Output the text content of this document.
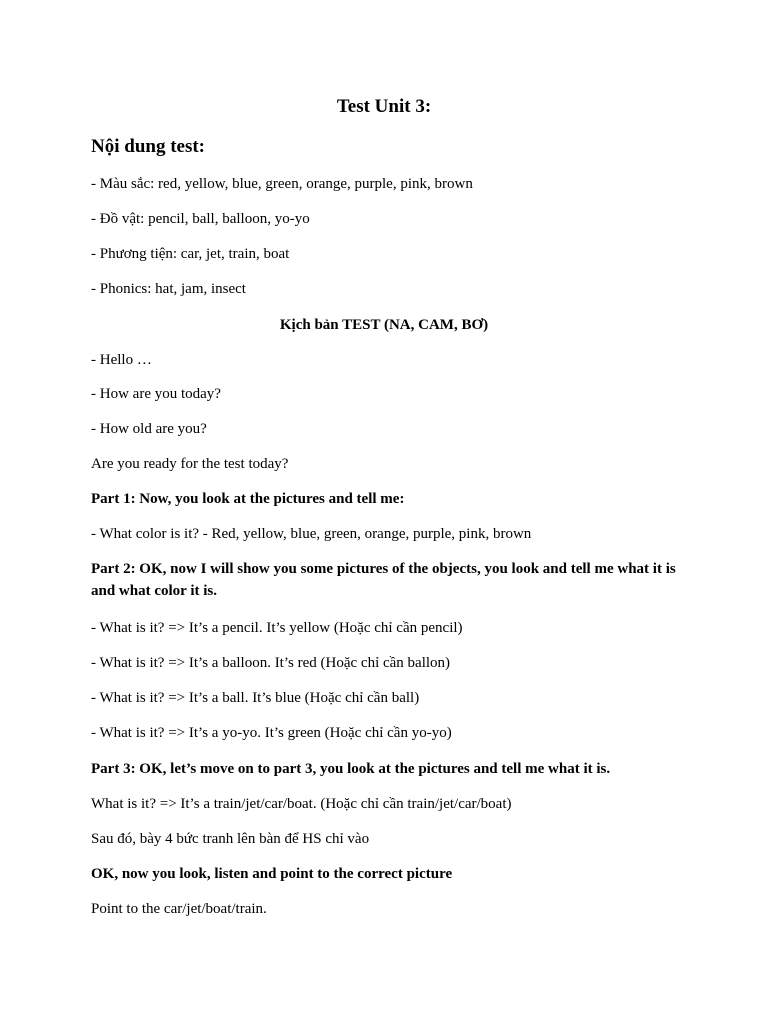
Test Unit 3:
Nội dung test:
- Màu sắc: red, yellow, blue, green, orange, purple, pink, brown
- Đồ vật: pencil, ball, balloon, yo-yo
- Phương tiện: car, jet, train, boat
- Phonics: hat, jam, insect
Kịch bản TEST (NA, CAM, BƠ)
- Hello …
- How are you today?
- How old are you?
Are you ready for the test today?
Part 1: Now, you look at the pictures and tell me:
- What color is it? - Red, yellow, blue, green, orange, purple, pink, brown
Part 2: OK, now I will show you some pictures of the objects, you look and tell me what it is and what color it is.
- What is it? => It’s a pencil. It’s yellow (Hoặc chỉ cần pencil)
- What is it? => It’s a balloon. It’s red (Hoặc chỉ cần ballon)
- What is it? => It’s a ball. It’s blue (Hoặc chỉ cần ball)
- What is it? => It’s a yo-yo. It’s green (Hoặc chỉ cần yo-yo)
Part 3: OK, let’s move on to part 3, you look at the pictures and tell me what it is.
What is it? => It’s a train/jet/car/boat. (Hoặc chỉ cần train/jet/car/boat)
Sau đó, bày 4 bức tranh lên bàn để HS chỉ vào
OK, now you look, listen and point to the correct picture
Point to the car/jet/boat/train.
